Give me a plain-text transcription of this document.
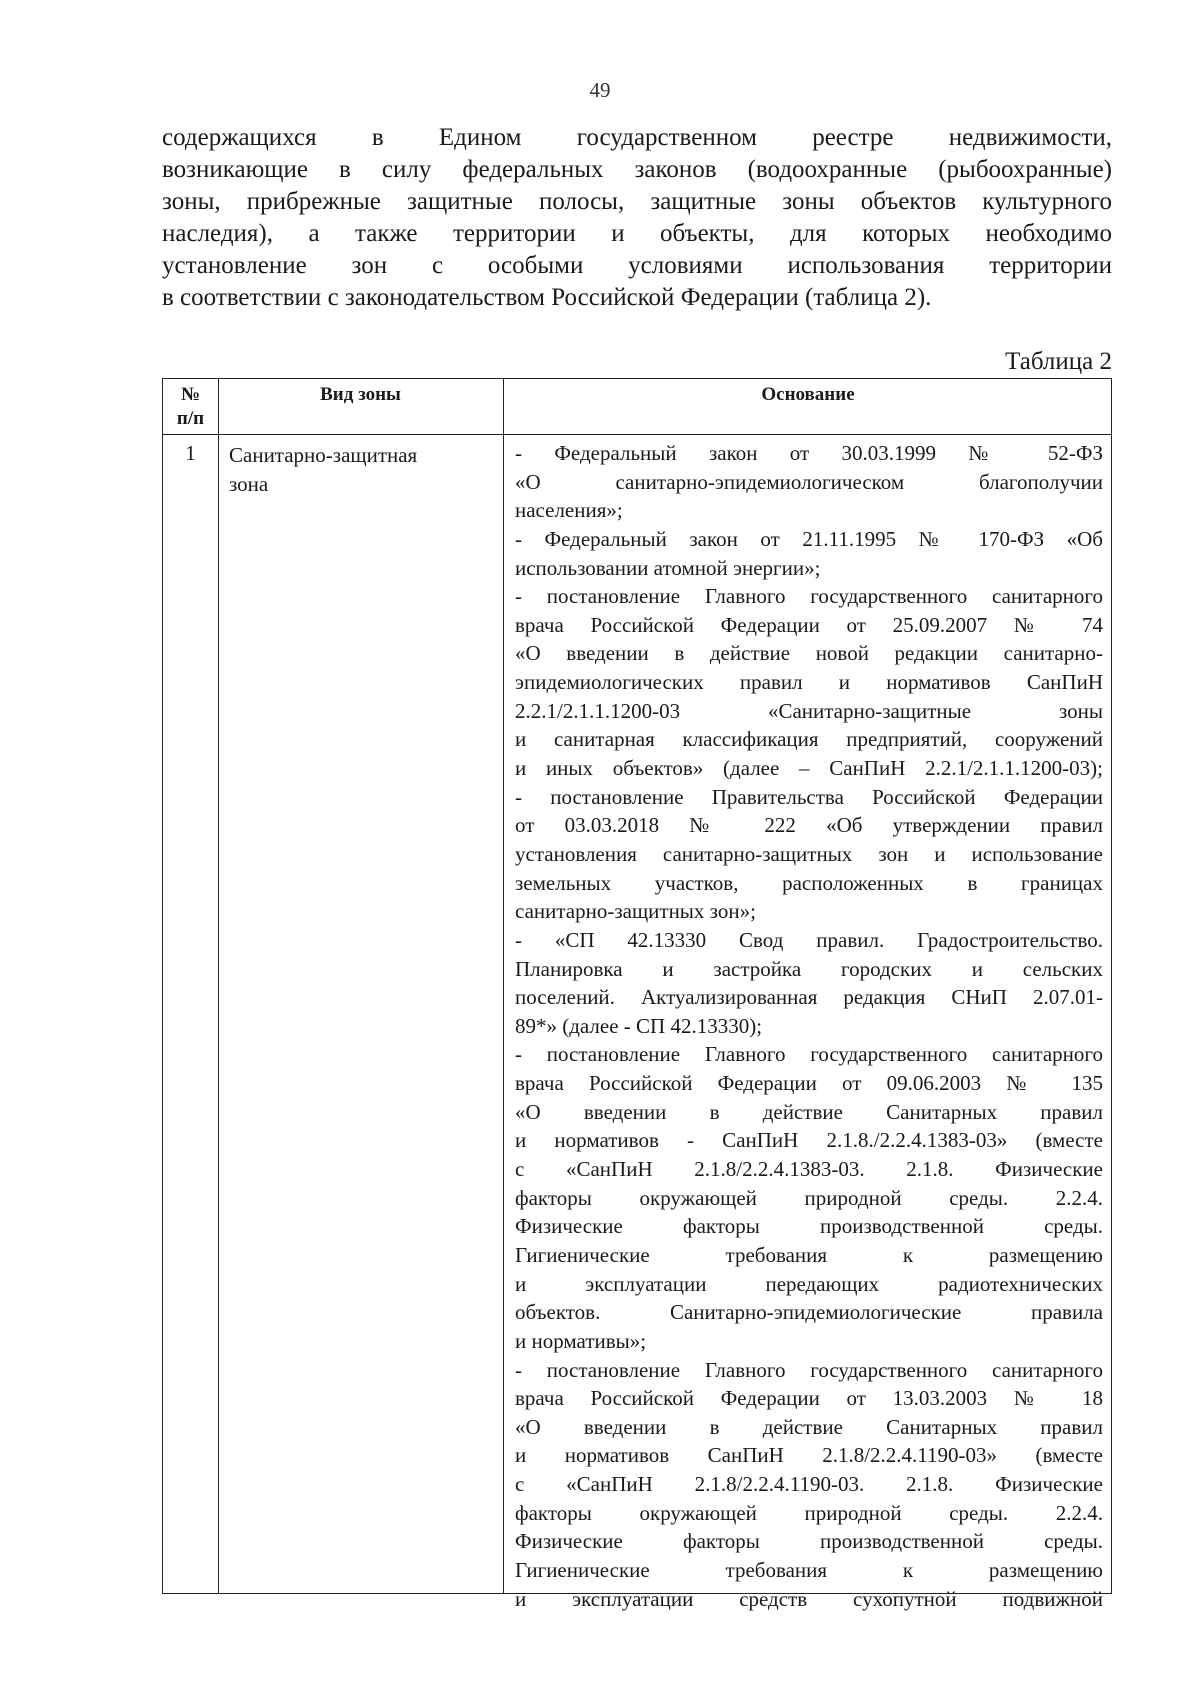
49
содержащихся в Едином государственном реестре недвижимости,
возникающие в силу федеральных законов (водоохранные (рыбоохранные)
зоны, прибрежные защитные полосы, защитные зоны объектов культурного
наследия), а также территории и объекты, для которых необходимо
установление зон с особыми условиями использования территории
в соответствии с законодательством Российской Федерации (таблица 2).
Таблица 2
№
п/п
Вид зоны	Основание
1	Санитарно-защитная
зона
- Федеральный закон от 30.03.1999 № 52-ФЗ
«О санитарно-эпидемиологическом благополучии
населения»;
- Федеральный закон от 21.11.1995 № 170-ФЗ «Об
использовании атомной энергии»;
- постановление Главного государственного санитарного
врача Российской Федерации от 25.09.2007 № 74
«О введении в действие новой редакции санитарно-
эпидемиологических правил и нормативов СанПиН
2.2.1/2.1.1.1200-03 «Санитарно-защитные зоны
и санитарная классификация предприятий, сооружений
и иных объектов» (далее – СанПиН 2.2.1/2.1.1.1200-03);
- постановление Правительства Российской Федерации
от 03.03.2018 № 222 «Об утверждении правил
установления санитарно-защитных зон и использование
земельных участков, расположенных в границах
санитарно-защитных зон»;
- «СП 42.13330 Свод правил. Градостроительство.
Планировка и застройка городских и сельских
поселений. Актуализированная редакция СНиП 2.07.01-
89*» (далее - СП 42.13330);
- постановление Главного государственного санитарного
врача Российской Федерации от 09.06.2003 № 135
«О введении в действие Санитарных правил
и нормативов - СанПиН 2.1.8./2.2.4.1383-03» (вместе
с «СанПиН 2.1.8/2.2.4.1383-03. 2.1.8. Физические
факторы окружающей природной среды. 2.2.4.
Физические факторы производственной среды.
Гигиенические требования к размещению
и эксплуатации передающих радиотехнических
объектов. Санитарно-эпидемиологические правила
и нормативы»;
- постановление Главного государственного санитарного
врача Российской Федерации от 13.03.2003 № 18
«О введении в действие Санитарных правил
и нормативов СанПиН 2.1.8/2.2.4.1190-03» (вместе
с «СанПиН 2.1.8/2.2.4.1190-03. 2.1.8. Физические
факторы окружающей природной среды. 2.2.4.
Физические факторы производственной среды.
Гигиенические требования к размещению
и эксплуатации средств сухопутной подвижной
